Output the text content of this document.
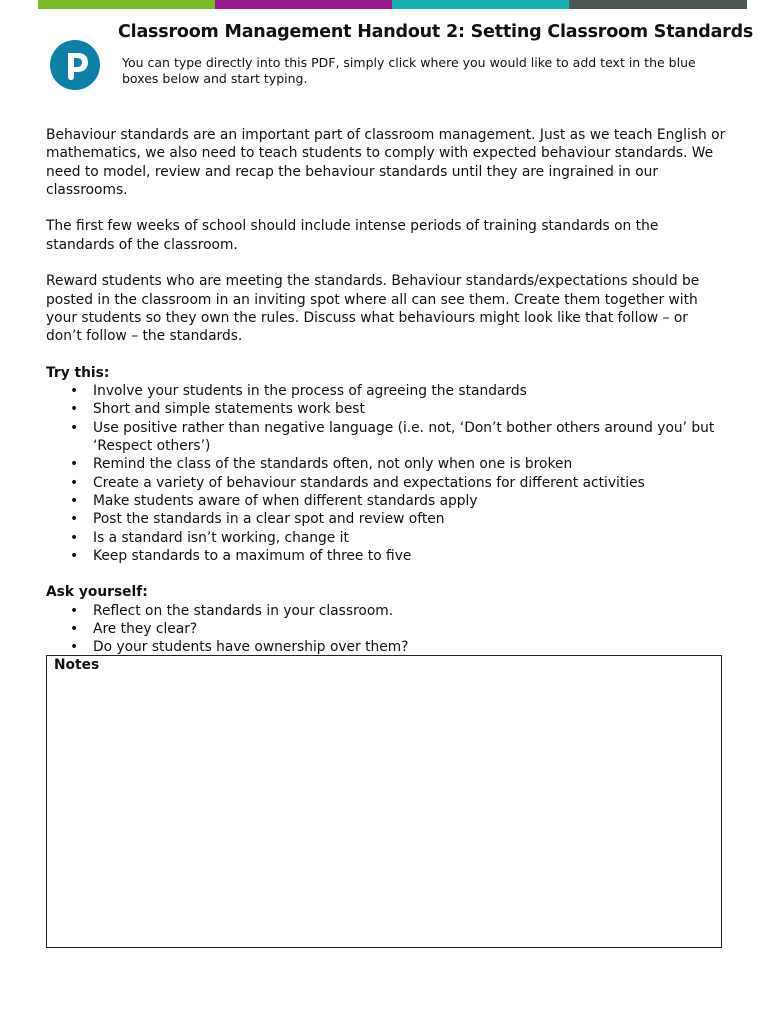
Classroom Management Handout 2: Setting Classroom Standards
You can type directly into this PDF, simply click where you would like to add text in the blue boxes below and start typing.

Behaviour standards are an important part of classroom management. Just as we teach English or mathematics, we also need to teach students to comply with expected behaviour standards. We need to model, review and recap the behaviour standards until they are ingrained in our classrooms.

The first few weeks of school should include intense periods of training standards on the standards of the classroom.

Reward students who are meeting the standards. Behaviour standards/expectations should be posted in the classroom in an inviting spot where all can see them. Create them together with your students so they own the rules. Discuss what behaviours might look like that follow – or don’t follow – the standards.

Try this:

• Involve your students in the process of agreeing the standards
• Short and simple statements work best
• Use positive rather than negative language (i.e. not, ‘Don’t bother others around you’ but ‘Respect others’)
• Remind the class of the standards often, not only when one is broken
• Create a variety of behaviour standards and expectations for different activities
• Make students aware of when different standards apply
• Post the standards in a clear spot and review often
• Is a standard isn’t working, change it
• Keep standards to a maximum of three to five

Ask yourself:

• Reflect on the standards in your classroom.
• Are they clear?
• Do your students have ownership over them?
Notes
